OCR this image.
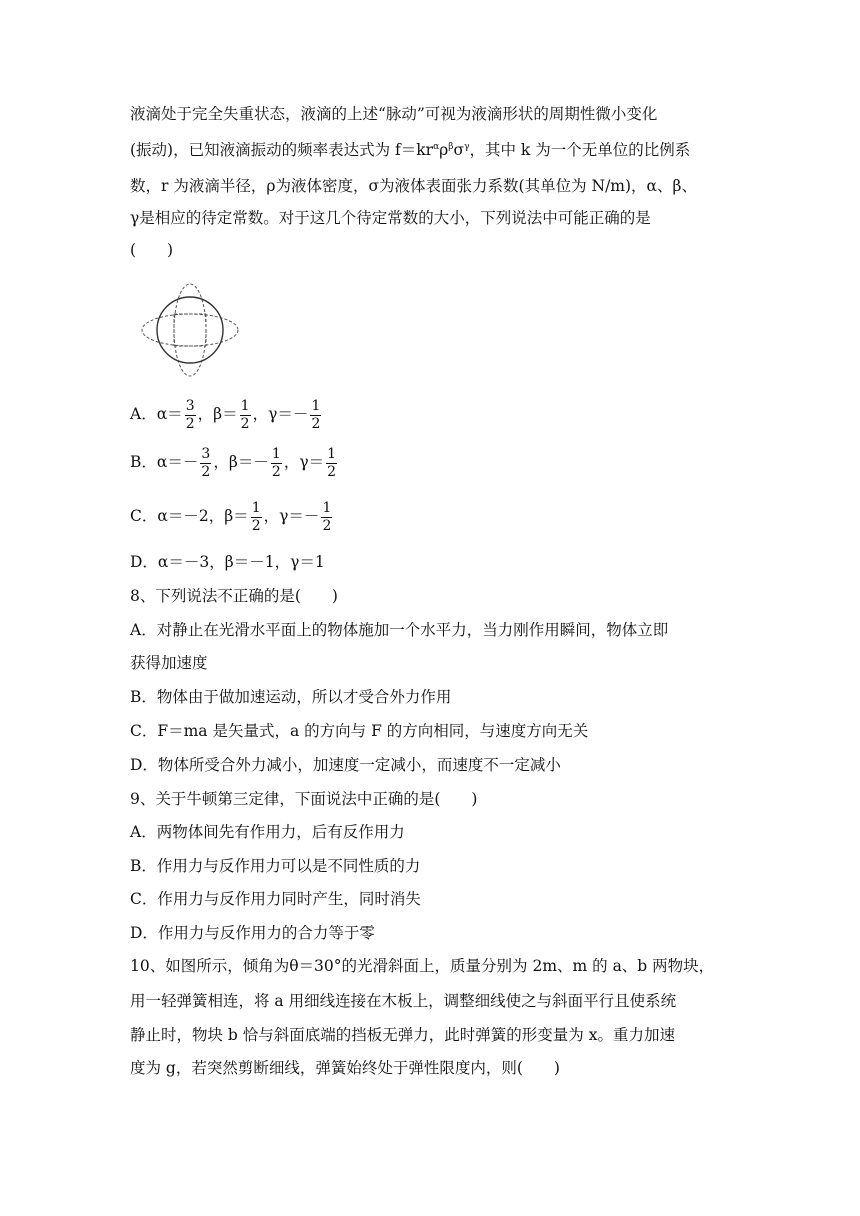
液滴处于完全失重状态，液滴的上述“脉动”可视为液滴形状的周期性微小变化
(振动)，已知液滴振动的频率表达式为 $f=kr^\alpha\rho^\beta\sigma^\gamma$，其中 k 为一个无单位的比例系
数，r 为液滴半径，ρ为液体密度，σ为液体表面张力系数(其单位为 N/m)，α、β、
γ是相应的待定常数。对于这几个待定常数的大小，下列说法中可能正确的是
(　　)
A．$\alpha= \frac{3}{2}$ ，$\beta= \frac{1}{2}$ ，$\gamma=- \frac{1}{2}$
B．$\alpha=- \frac{3}{2}$ ，$\beta=- \frac{1}{2}$ ，$\gamma= \frac{1}{2}$
C．α＝－2，$\beta= \frac{1}{2}$ ，$\gamma=- \frac{1}{2}$
D．α＝－3，β＝－1，γ＝1
8、下列说法不正确的是(　　)
A．对静止在光滑水平面上的物体施加一个水平力，当力刚作用瞬间，物体立即
获得加速度
B．物体由于做加速运动，所以才受合外力作用
C．F＝ma 是矢量式，a 的方向与 F 的方向相同，与速度方向无关
D．物体所受合外力减小，加速度一定减小，而速度不一定减小
9、关于牛顿第三定律，下面说法中正确的是(　　)
A．两物体间先有作用力，后有反作用力
B．作用力与反作用力可以是不同性质的力
C．作用力与反作用力同时产生，同时消失
D．作用力与反作用力的合力等于零
10、如图所示，倾角为θ＝30°的光滑斜面上，质量分别为 2m、m 的 a、b 两物块，
用一轻弹簧相连，将 a 用细线连接在木板上，调整细线使之与斜面平行且使系统
静止时，物块 b 恰与斜面底端的挡板无弹力，此时弹簧的形变量为 x。重力加速
度为 g，若突然剪断细线，弹簧始终处于弹性限度内，则(　　)
